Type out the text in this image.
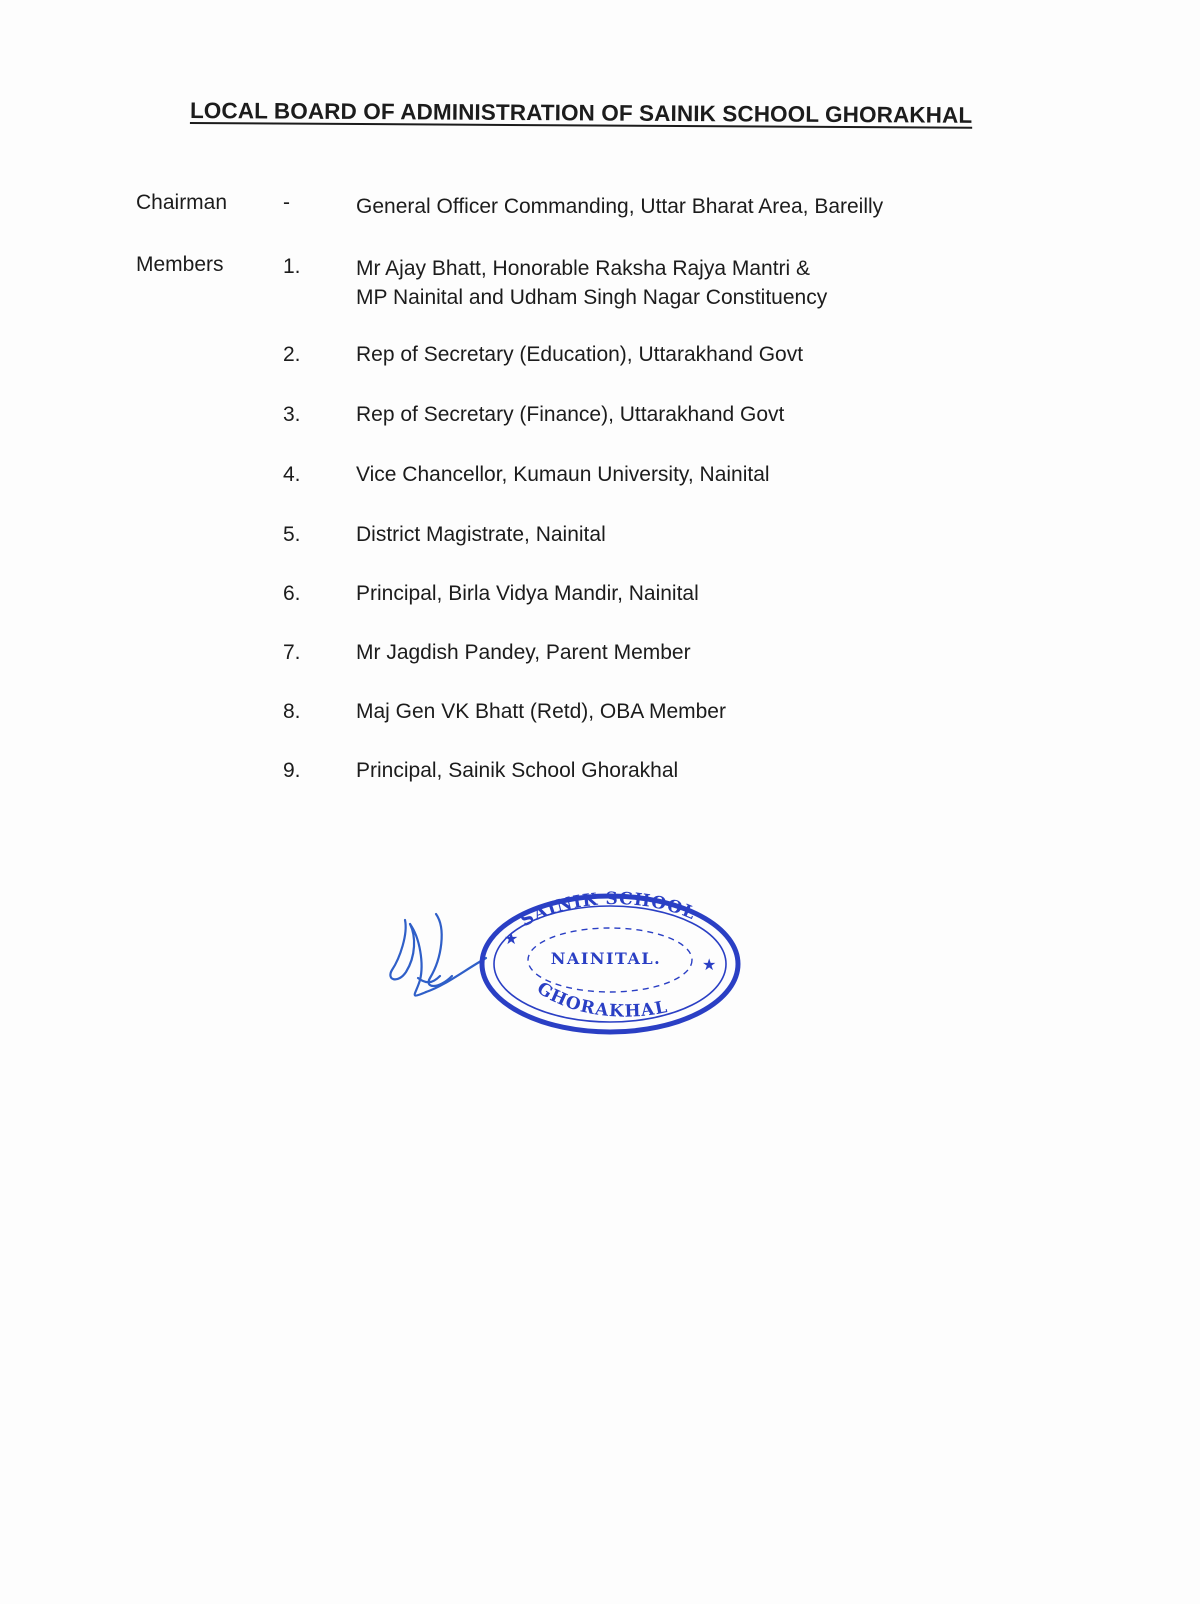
LOCAL BOARD OF ADMINISTRATION OF SAINIK SCHOOL GHORAKHAL
Chairman	-	General Officer Commanding, Uttar Bharat Area, Bareilly
Members	1.	Mr Ajay Bhatt, Honorable Raksha Rajya Mantri &
MP Nainital and Udham Singh Nagar Constituency
2.	Rep of Secretary (Education), Uttarakhand Govt
3.	Rep of Secretary (Finance), Uttarakhand Govt
4.	Vice Chancellor, Kumaun University, Nainital
5.	District Magistrate, Nainital
6.	Principal, Birla Vidya Mandir, Nainital
7.	Mr Jagdish Pandey, Parent Member
8.	Maj Gen VK Bhatt (Retd), OBA Member
9.	Principal, Sainik School Ghorakhal
SAINIK SCHOOL
NAINITAL.
GHORAKHAL
★
★
